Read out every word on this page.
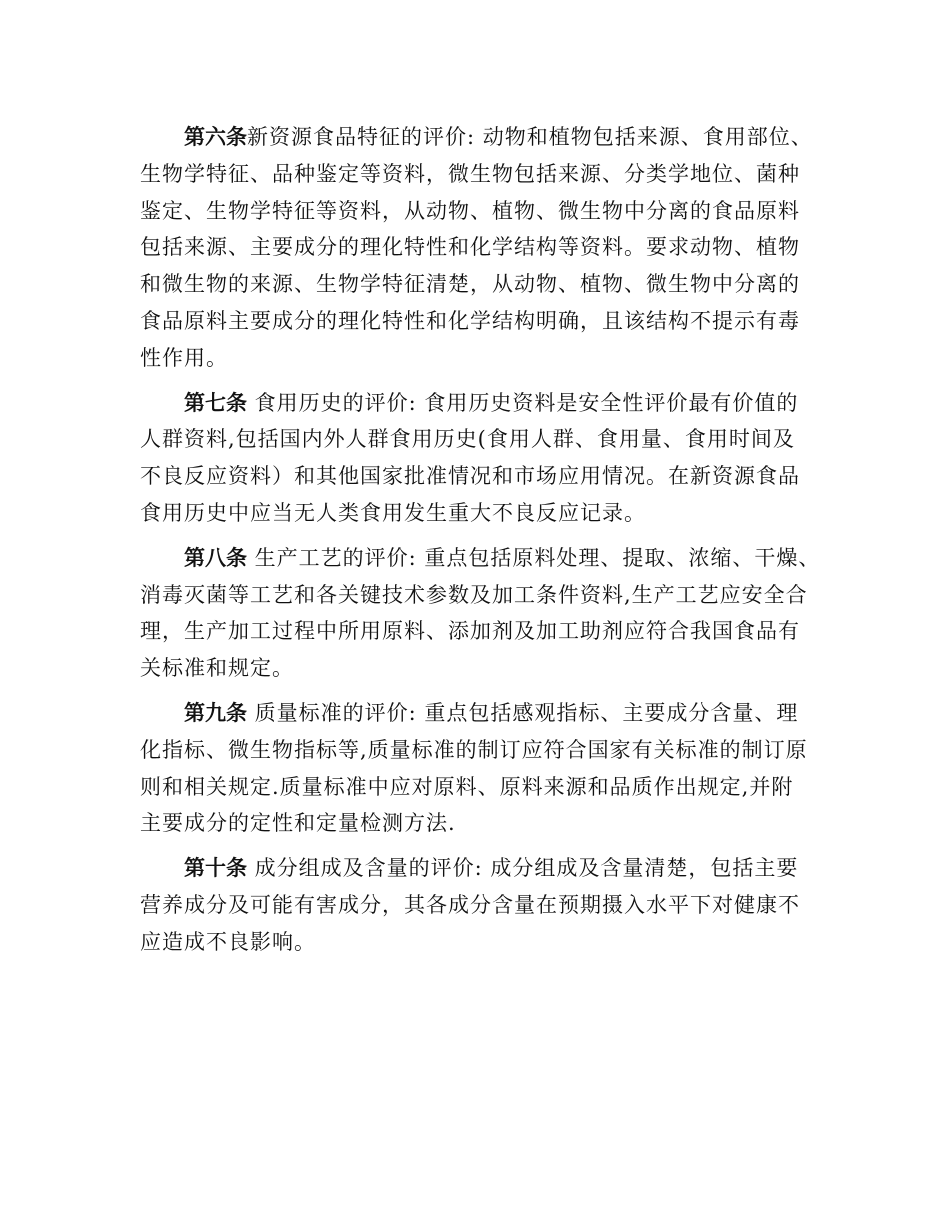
第六条新资源食品特征的评价: 动物和植物包括来源、食用部位、
生物学特征、品种鉴定等资料，微生物包括来源、分类学地位、菌种
鉴定、生物学特征等资料，从动物、植物、微生物中分离的食品原料
包括来源、主要成分的理化特性和化学结构等资料。要求动物、植物
和微生物的来源、生物学特征清楚，从动物、植物、微生物中分离的
食品原料主要成分的理化特性和化学结构明确，且该结构不提示有毒
性作用。
第七条 食用历史的评价: 食用历史资料是安全性评价最有价值的
人群资料,包括国内外人群食用历史(食用人群、食用量、食用时间及
不良反应资料）和其他国家批准情况和市场应用情况。在新资源食品
食用历史中应当无人类食用发生重大不良反应记录。
第八条 生产工艺的评价: 重点包括原料处理、提取、浓缩、干燥、
消毒灭菌等工艺和各关键技术参数及加工条件资料,生产工艺应安全合
理，生产加工过程中所用原料、添加剂及加工助剂应符合我国食品有
关标准和规定。
第九条 质量标准的评价: 重点包括感观指标、主要成分含量、理
化指标、微生物指标等,质量标准的制订应符合国家有关标准的制订原
则和相关规定.质量标准中应对原料、原料来源和品质作出规定,并附
主要成分的定性和定量检测方法.
第十条 成分组成及含量的评价: 成分组成及含量清楚，包括主要
营养成分及可能有害成分，其各成分含量在预期摄入水平下对健康不
应造成不良影响。
